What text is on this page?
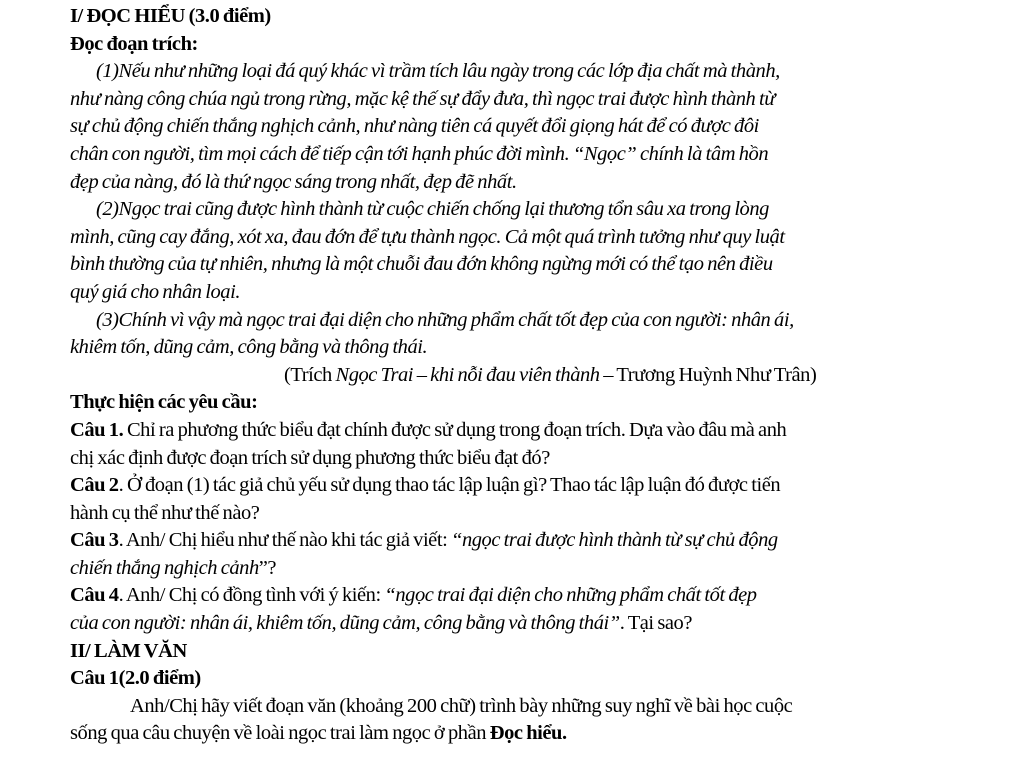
I/ ĐỌC HIỂU (3.0 điểm)
Đọc đoạn trích:
(1)Nếu như những loại đá quý khác vì trầm tích lâu ngày trong các lớp địa chất mà thành,
như nàng công chúa ngủ trong rừng, mặc kệ thế sự đẩy đưa, thì ngọc trai được hình thành từ
sự chủ động chiến thắng nghịch cảnh, như nàng tiên cá quyết đổi giọng hát để có được đôi
chân con người, tìm mọi cách để tiếp cận tới hạnh phúc đời mình. “Ngọc” chính là tâm hồn
đẹp của nàng, đó là thứ ngọc sáng trong nhất, đẹp đẽ nhất.
(2)Ngọc trai cũng được hình thành từ cuộc chiến chống lại thương tổn sâu xa trong lòng
mình, cũng cay đắng, xót xa, đau đớn để tựu thành ngọc. Cả một quá trình tưởng như quy luật
bình thường của tự nhiên, nhưng là một chuỗi đau đớn không ngừng mới có thể tạo nên điều
quý giá cho nhân loại.
(3)Chính vì vậy mà ngọc trai đại diện cho những phẩm chất tốt đẹp của con người: nhân ái,
khiêm tốn, dũng cảm, công bằng và thông thái.
(Trích Ngọc Trai – khi nỗi đau viên thành – Trương Huỳnh Như Trân)
Thực hiện các yêu cầu:
Câu 1. Chỉ ra phương thức biểu đạt chính được sử dụng trong đoạn trích. Dựa vào đâu mà anh
chị xác định được đoạn trích sử dụng phương thức biểu đạt đó?
Câu 2. Ở đoạn (1) tác giả chủ yếu sử dụng thao tác lập luận gì? Thao tác lập luận đó được tiến
hành cụ thể như thế nào?
Câu 3. Anh/ Chị hiểu như thế nào khi tác giả viết: “ngọc trai được hình thành từ sự chủ động
chiến thắng nghịch cảnh”?
Câu 4. Anh/ Chị có đồng tình với ý kiến: “ngọc trai đại diện cho những phẩm chất tốt đẹp
của con người: nhân ái, khiêm tốn, dũng cảm, công bằng và thông thái”. Tại sao?
II/ LÀM VĂN
Câu 1(2.0 điểm)
Anh/Chị hãy viết đoạn văn (khoảng 200 chữ) trình bày những suy nghĩ về bài học cuộc
sống qua câu chuyện về loài ngọc trai làm ngọc ở phần Đọc hiểu.
